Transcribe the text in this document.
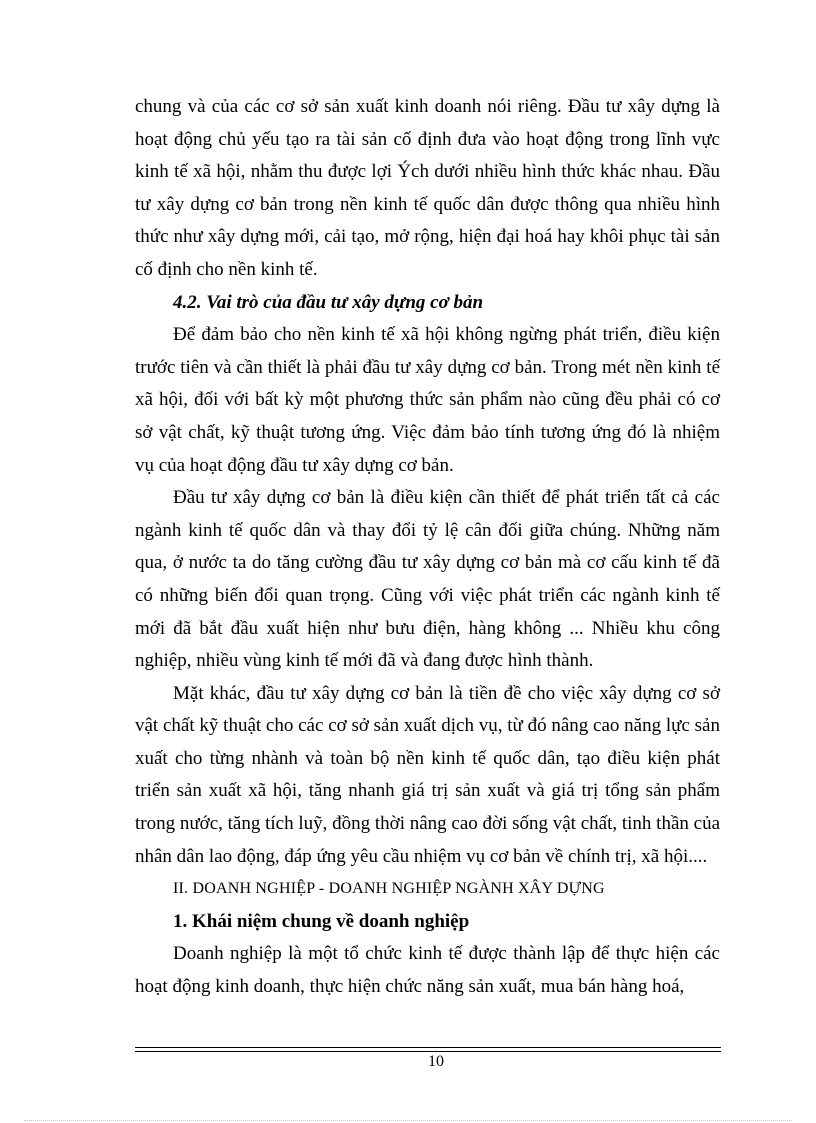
chung và của các cơ sở sản xuất kinh doanh nói riêng. Đầu tư xây dựng là hoạt động chủ yếu tạo ra tài sản cố định đưa vào hoạt động trong lĩnh vực kinh tế xã hội, nhằm thu được lợi Ých dưới nhiều hình thức khác nhau. Đầu tư xây dựng cơ bản trong nền kinh tế quốc dân được thông qua nhiều hình thức như xây dựng mới, cải tạo, mở rộng, hiện đại hoá hay khôi phục tài sản cố định cho nền kinh tế.

4.2. Vai trò của đầu tư xây dựng cơ bản

Để đảm bảo cho nền kinh tế xã hội không ngừng phát triển, điều kiện trước tiên và cần thiết là phải đầu tư xây dựng cơ bản. Trong mét nền kinh tế xã hội, đối với bất kỳ một phương thức sản phẩm nào cũng đều phải có cơ sở vật chất, kỹ thuật tương ứng. Việc đảm bảo tính tương ứng đó là nhiệm vụ của hoạt động đầu tư xây dựng cơ bản.

Đầu tư xây dựng cơ bản là điều kiện cần thiết để phát triển tất cả các ngành kinh tế quốc dân và thay đổi tỷ lệ cân đối giữa chúng. Những năm qua, ở nước ta do tăng cường đầu tư xây dựng cơ bản mà cơ cấu kinh tế đã có những biến đổi quan trọng. Cũng với việc phát triển các ngành kinh tế mới đã bắt đầu xuất hiện như bưu điện, hàng không ... Nhiều khu công nghiệp, nhiều vùng kinh tế mới đã và đang được hình thành.

Mặt khác, đầu tư xây dựng cơ bản là tiền đề cho việc xây dựng cơ sở vật chất kỹ thuật cho các cơ sở sản xuất dịch vụ, từ đó nâng cao năng lực sản xuất cho từng nhành và toàn bộ nền kinh tế quốc dân, tạo điều kiện phát triển sản xuất xã hội, tăng nhanh giá trị sản xuất và giá trị tổng sản phẩm trong nước, tăng tích luỹ, đồng thời nâng cao đời sống vật chất, tinh thần của nhân dân lao động, đáp ứng yêu cầu nhiệm vụ cơ bản về chính trị, xã hội....

II. DOANH NGHIỆP - DOANH NGHIỆP NGÀNH XÂY DỰNG

1. Khái niệm chung về doanh nghiệp

Doanh nghiệp là một tổ chức kinh tế được thành lập để thực hiện các hoạt động kinh doanh, thực hiện chức năng sản xuất, mua bán hàng hoá,

10
